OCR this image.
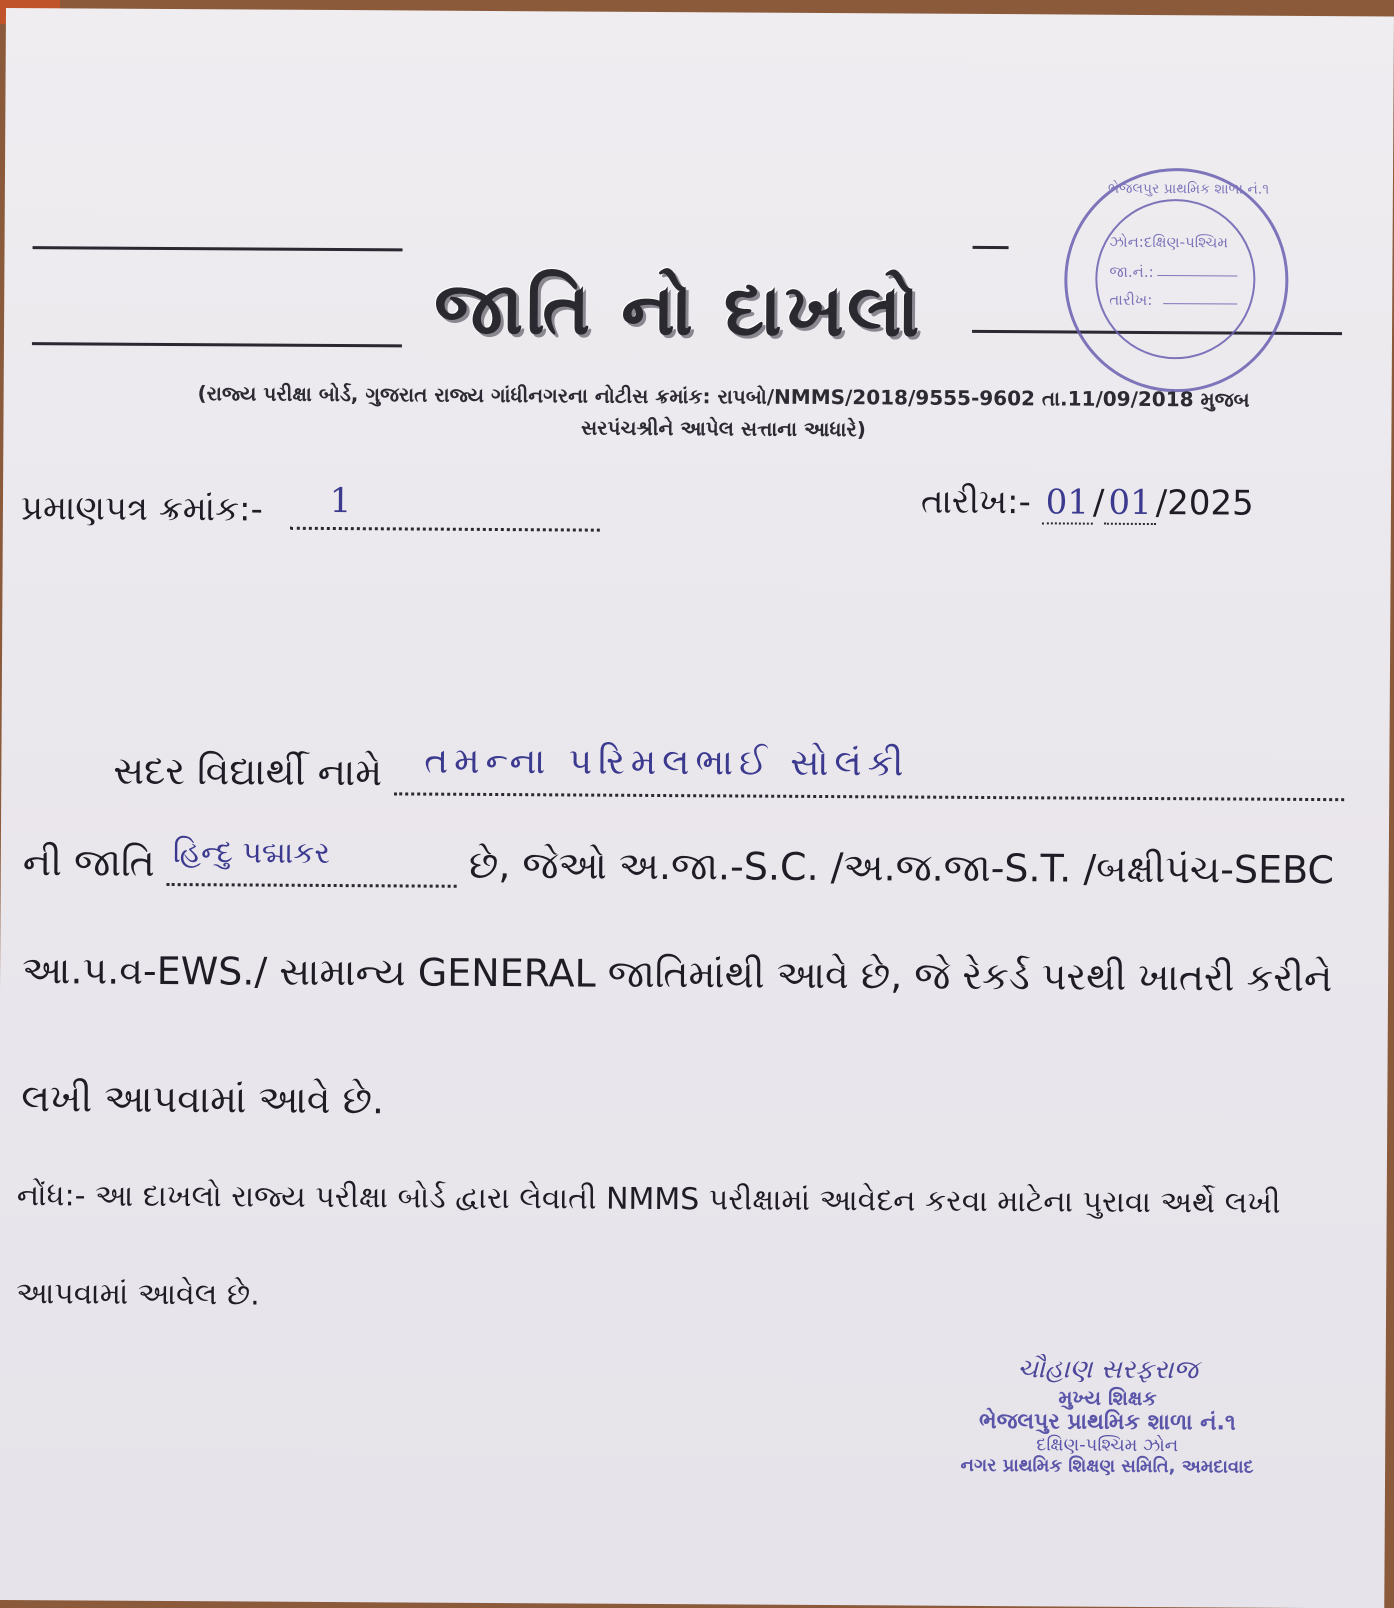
જાતિ નો દાખલો
ભેજલપુર પ્રાથમિક શાળા નં.૧
ઝોન:દક્ષિણ-પશ્ચિમ
જા.નં.:
તારીખ:
(રાજ્ય પરીક્ષા બોર્ડ, ગુજરાત રાજ્ય ગાંધીનગરના નોટીસ ક્રમાંક: રાપબો/NMMS/2018/9555-9602 તા.11/09/2018 મુજબ
સરપંચશ્રીને આપેલ સત્તાના આધારે)
પ્રમાણપત્ર ક્રમાંક:- 1	તારીખ:- 01 / 01 /2025
સદર વિદ્યાર્થી નામે તમન્ના પરિમલભાઈ સોલંકી
ની જાતિ હિન્દુ પદ્માકર	છે, જેઓ અ.જા.-S.C. /અ.જ.જા-S.T. /બક્ષીપંચ-SEBC
આ.પ.વ-EWS./ સામાન્ય GENERAL જાતિમાંથી આવે છે, જે રેકર્ડ પરથી ખાતરી કરીને
લખી આપવામાં આવે છે.
નોંધ:- આ દાખલો રાજ્ય પરીક્ષા બોર્ડ દ્વારા લેવાતી NMMS પરીક્ષામાં આવેદન કરવા માટેના પુરાવા અર્થે લખી
આપવામાં આવેલ છે.
ચૌહાણ સરફરાજ
મુખ્ય શિક્ષક
ભેજલપુર પ્રાથમિક શાળા નં.૧
દક્ષિણ-પશ્ચિમ ઝોન
નગર પ્રાથમિક શિક્ષણ સમિતિ, અમદાવાદ
